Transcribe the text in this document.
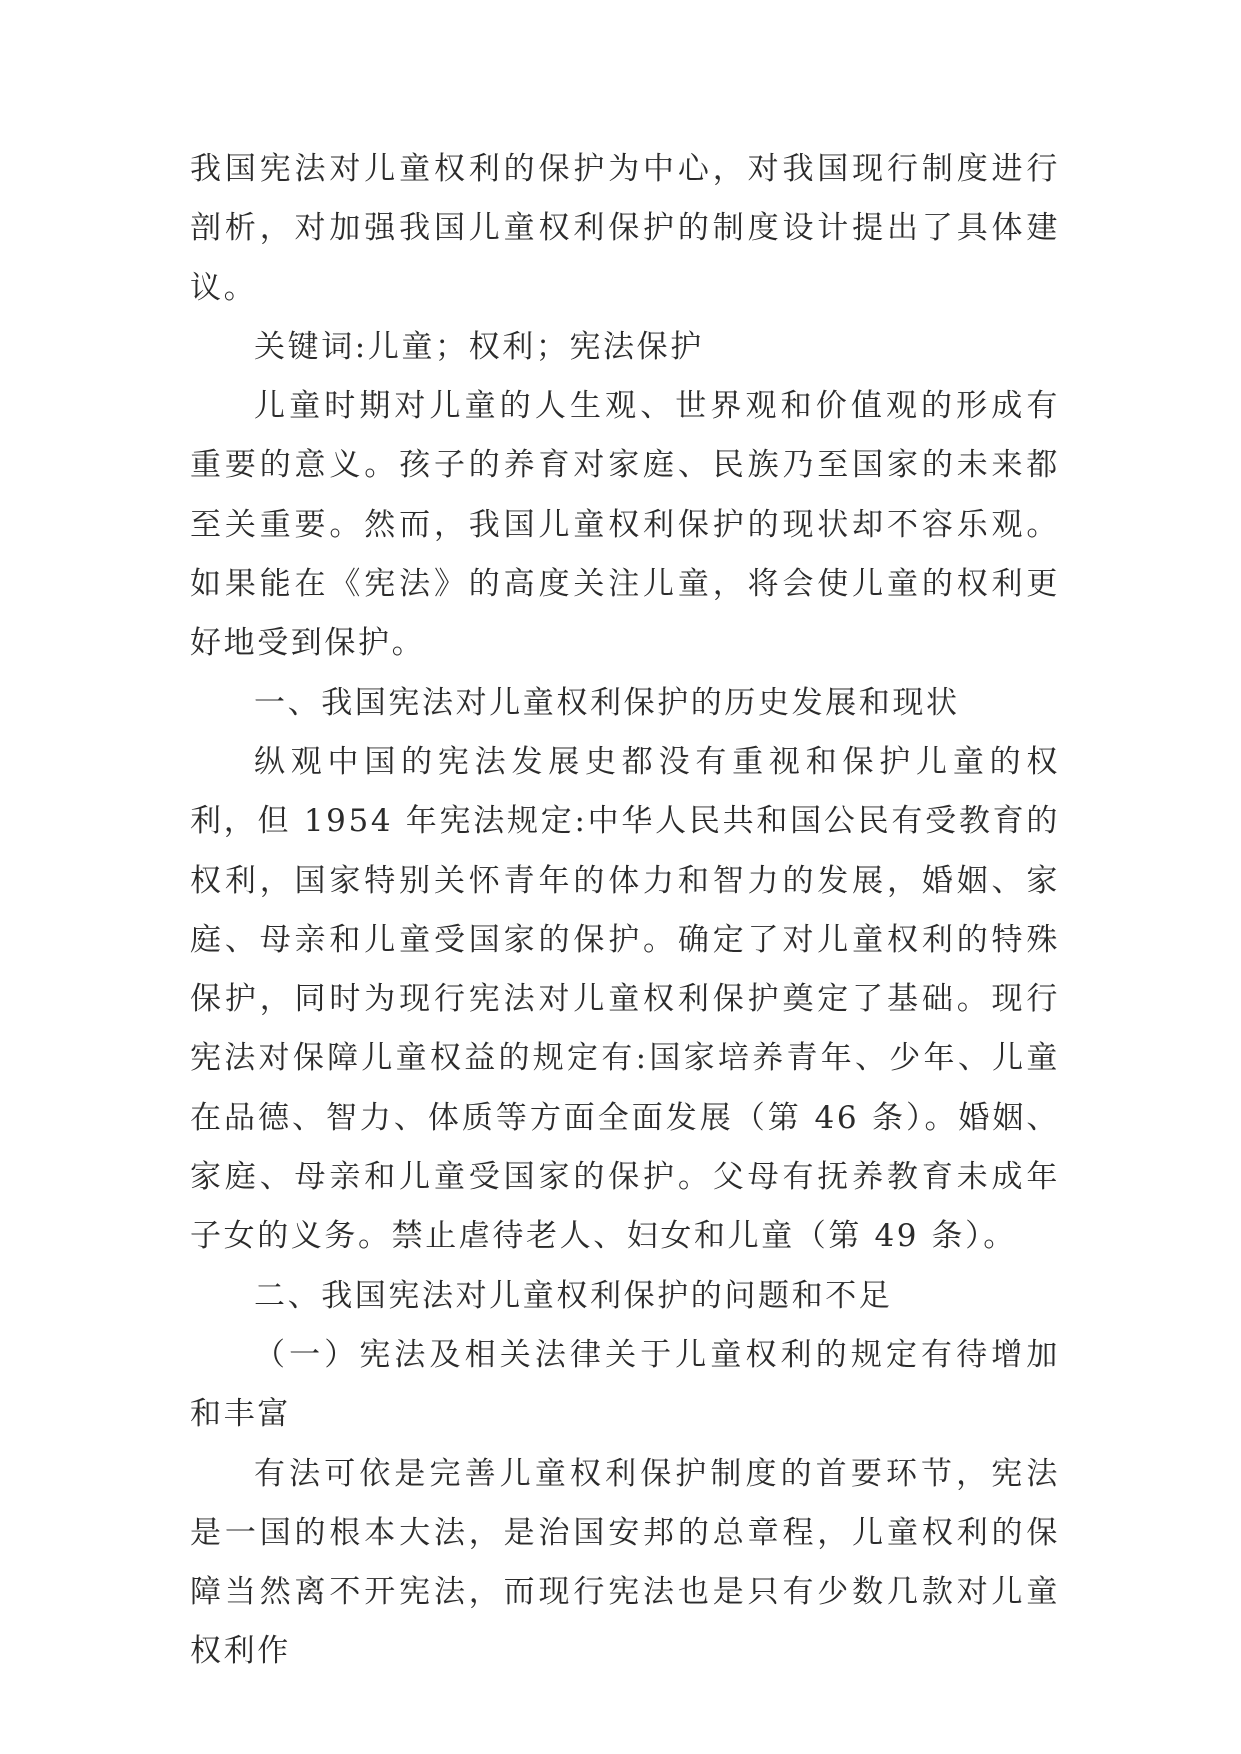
我国宪法对儿童权利的保护为中心，对我国现行制度进行剖析，对加强我国儿童权利保护的制度设计提出了具体建议。

关键词:儿童；权利；宪法保护

儿童时期对儿童的人生观、世界观和价值观的形成有重要的意义。孩子的养育对家庭、民族乃至国家的未来都至关重要。然而，我国儿童权利保护的现状却不容乐观。如果能在《宪法》的高度关注儿童，将会使儿童的权利更好地受到保护。

一、我国宪法对儿童权利保护的历史发展和现状

纵观中国的宪法发展史都没有重视和保护儿童的权利，但 1954 年宪法规定:中华人民共和国公民有受教育的权利，国家特别关怀青年的体力和智力的发展，婚姻、家庭、母亲和儿童受国家的保护。确定了对儿童权利的特殊保护，同时为现行宪法对儿童权利保护奠定了基础。现行宪法对保障儿童权益的规定有:国家培养青年、少年、儿童在品德、智力、体质等方面全面发展（第 46 条）。婚姻、家庭、母亲和儿童受国家的保护。父母有抚养教育未成年子女的义务。禁止虐待老人、妇女和儿童（第 49 条）。

二、我国宪法对儿童权利保护的问题和不足

（一）宪法及相关法律关于儿童权利的规定有待增加和丰富

有法可依是完善儿童权利保护制度的首要环节，宪法是一国的根本大法，是治国安邦的总章程，儿童权利的保障当然离不开宪法，而现行宪法也是只有少数几款对儿童权利作
